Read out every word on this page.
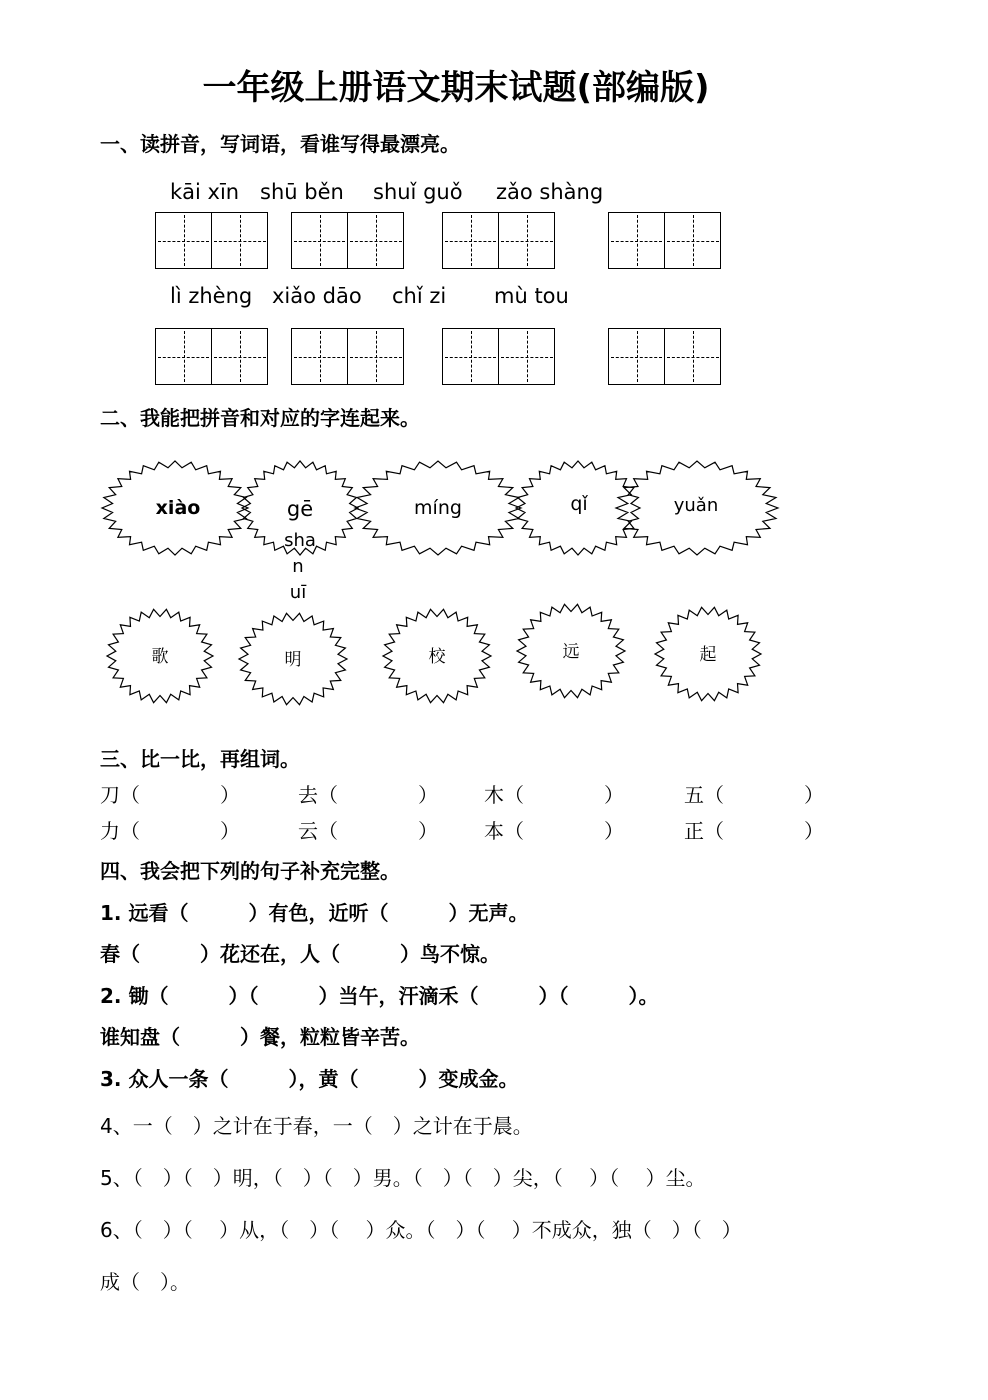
一年级上册语文期末试题(部编版)
一、读拼音，写词语，看谁写得最漂亮。
kāi xīn shū běn shuǐ guǒ zǎo shàng
lì zhèng xiǎo dāo chǐ zi mù tou
二、我能把拼音和对应的字连起来。
xiào	gē	míng	qǐ	yuǎn
sha
n
uī
歌	明	校	远	起
三、比一比，再组词。
刀（　　　　）	去（　　　　） 木（　　　　）	五（　　　　）
力（　　　　）	云（　　　　） 本（　　　　）	正（　　　　）
四、我会把下列的句子补充完整。
1. 远看（　　　）有色，近听（　　　）无声。
春（　　　）花还在，人（　　　）鸟不惊。
2. 锄（　　　）（　　　）当午，汗滴禾（　　　）（　　　）。
谁知盘（　　　）餐，粒粒皆辛苦。
3. 众人一条（　　　），黄（　　　）变成金。
4、一（　）之计在于春，一（　）之计在于晨。
5、（　）（　）明，（　）（　）男。（　）（　）尖，（　 ）（　 ）尘。
6、（　）（　 ）从，（　）（　 ）众。（　）（　 ）不成众，独（　）（　）
成（　）。
